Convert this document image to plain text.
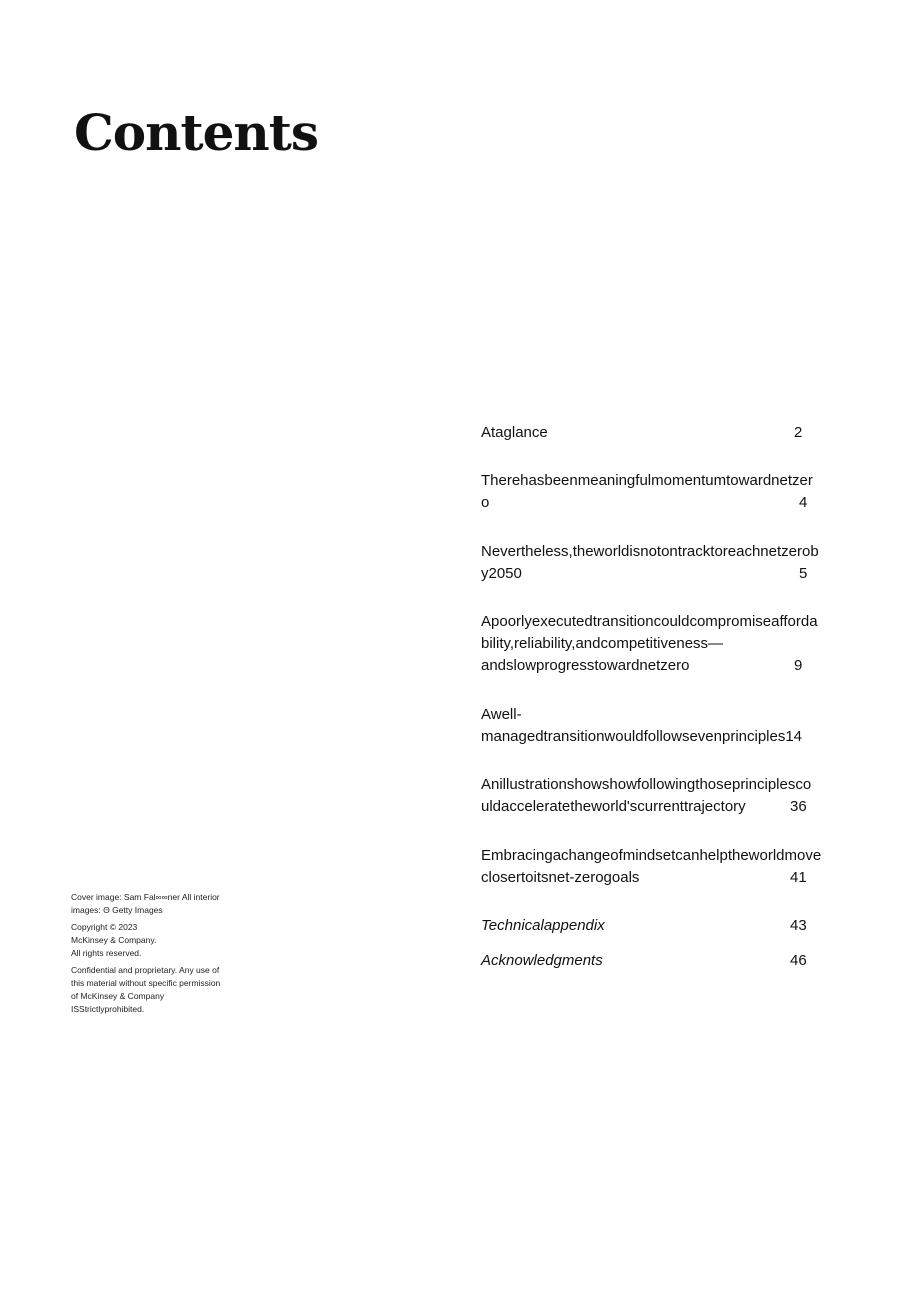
Contents
Ataglance	2
Therehasbeenmeaningfulmomentumtowardnetzer
o	4
Nevertheless,theworldisnotontracktoreachnetzerob
y2050	5
Apoorlyexecutedtransitioncouldcompromiseafforda
bility,reliability,andcompetitiveness—
andslowprogresstowardnetzero	9
Awell-
managedtransitionwouldfollowsevenprinciples14
Anillustrationshowshowfollowingthoseprinciplesco
uldacceleratetheworld'scurrenttrajectory	36
Embracingachangeofmindsetcanhelptheworldmove
closertoitsnet-zerogoals	41
Technicalappendix	43
Acknowledgments	46

Cover image: Sam Fal∞∞ner All interior
images: Θ Getty Images

Copyright © 2023
McKinsey & Company.
All rights reserved.

Confidential and proprietary. Any use of
this material without specific permission
of McKinsey & Company
ISStrictlyprohibited.
